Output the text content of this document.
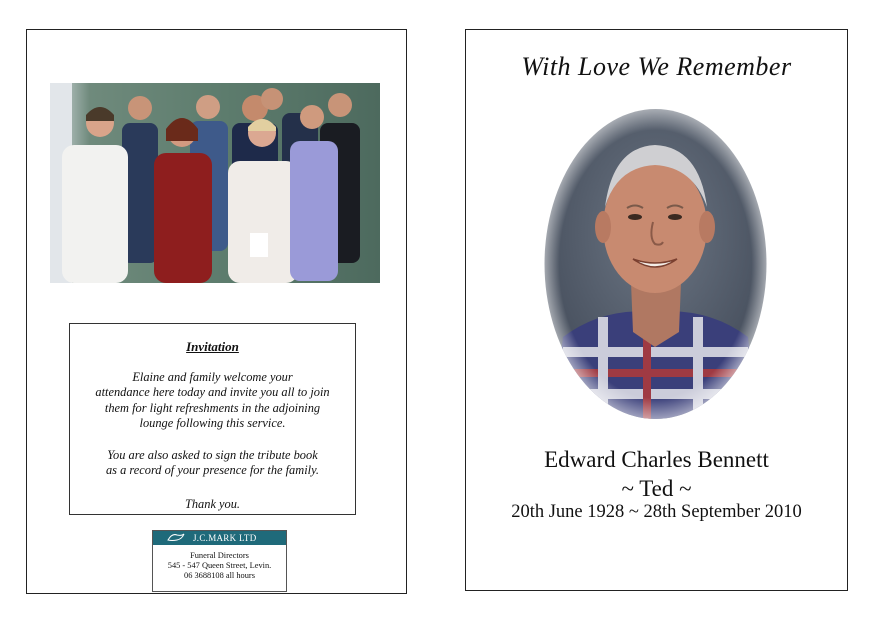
Invitation

Elaine and family welcome your

attendance here today and invite you all to join

them for light refreshments in the adjoining

lounge following this service.

You are also asked to sign the tribute book

as a record of your presence for the family.

Thank you.
J.C.MARK LTD
Funeral Directors
545 - 547 Queen Street, Levin.
06 3688108 all hours
With Love We Remember
Edward Charles Bennett
~ Ted ~
20th June 1928 ~ 28th September 2010
